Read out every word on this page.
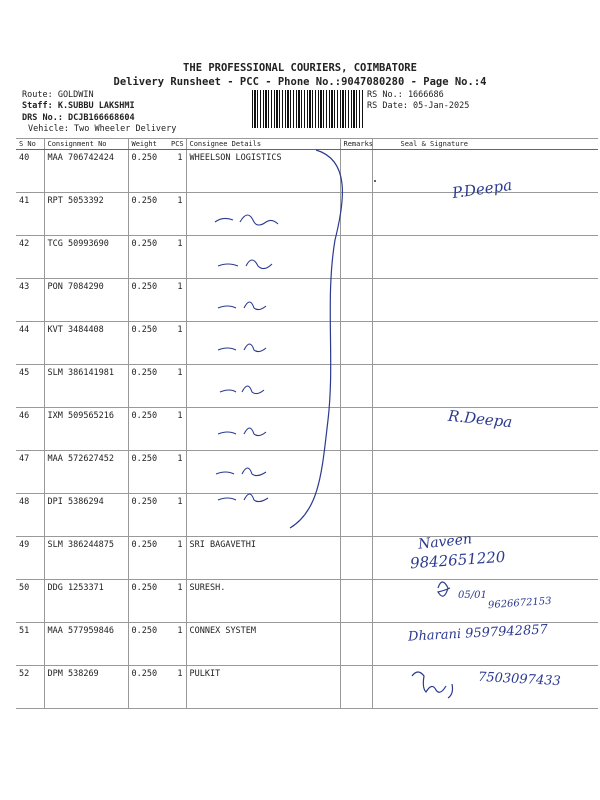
THE PROFESSIONAL COURIERS, COIMBATORE
Delivery Runsheet - PCC - Phone No.:9047080280 - Page No.:4
Route: GOLDWIN
Staff: K.SUBBU LAKSHMI
DRS No.: DCJB166668604
Vehicle: Two Wheeler Delivery
RS No.: 1666686
RS Date: 05-Jan-2025
S No	Consignment No	Weight	PCS	Consignee Details	Remarks	Seal & Signature
40	MAA 706742424	0.250	1	WHEELSON LOGISTICS		
41	RPT 5053392	0.250	1			
42	TCG 50993690	0.250	1			
43	PON 7084290	0.250	1			
44	KVT 3484408	0.250	1			
45	SLM 386141981	0.250	1			
46	IXM 509565216	0.250	1			
47	MAA 572627452	0.250	1			
48	DPI 5386294	0.250	1			
49	SLM 386244875	0.250	1	SRI BAGAVETHI		
50	DDG 1253371	0.250	1	SURESH.		
51	MAA 577959846	0.250	1	CONNEX SYSTEM		
52	DPM 538269	0.250	1	PULKIT		
P.Deepa
R.Deepa
Naveen
9842651220
05/01
9626672153
Dharani 9597942857
7503097433
